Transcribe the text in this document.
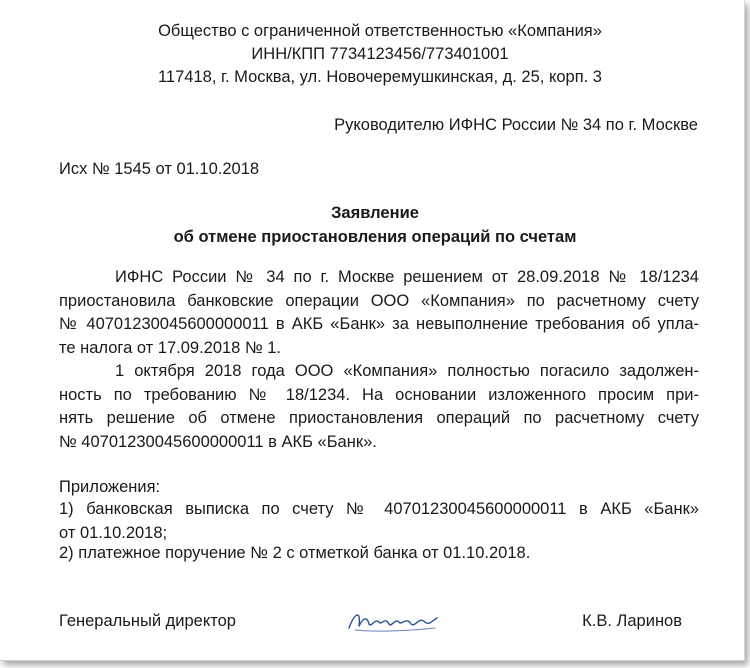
Общество с ограниченной ответственностью «Компания»
ИНН/КПП 7734123456/773401001
117418, г. Москва, ул. Новочеремушкинская, д. 25, корп. 3
Руководителю ИФНС России № 34 по г. Москве
Исх № 1545 от 01.10.2018
Заявление
об отмене приостановления операций по счетам
ИФНС России № 34 по г. Москве решением от 28.09.2018 № 18/1234
приостановила банковские операции ООО «Компания» по расчетному счету
№ 40701230045600000011 в АКБ «Банк» за невыполнение требования об упла-
те налога от 17.09.2018 № 1.
1 октября 2018 года ООО «Компания» полностью погасило задолжен-
ность по требованию № 18/1234. На основании изложенного просим при-
нять решение об отмене приостановления операций по расчетному счету
№ 40701230045600000011 в АКБ «Банк».
Приложения:
1) банковская выписка по счету № 40701230045600000011 в АКБ «Банк»
от 01.10.2018;
2) платежное поручение № 2 с отметкой банка от 01.10.2018.
Генеральный директор	К.В. Ларинов
